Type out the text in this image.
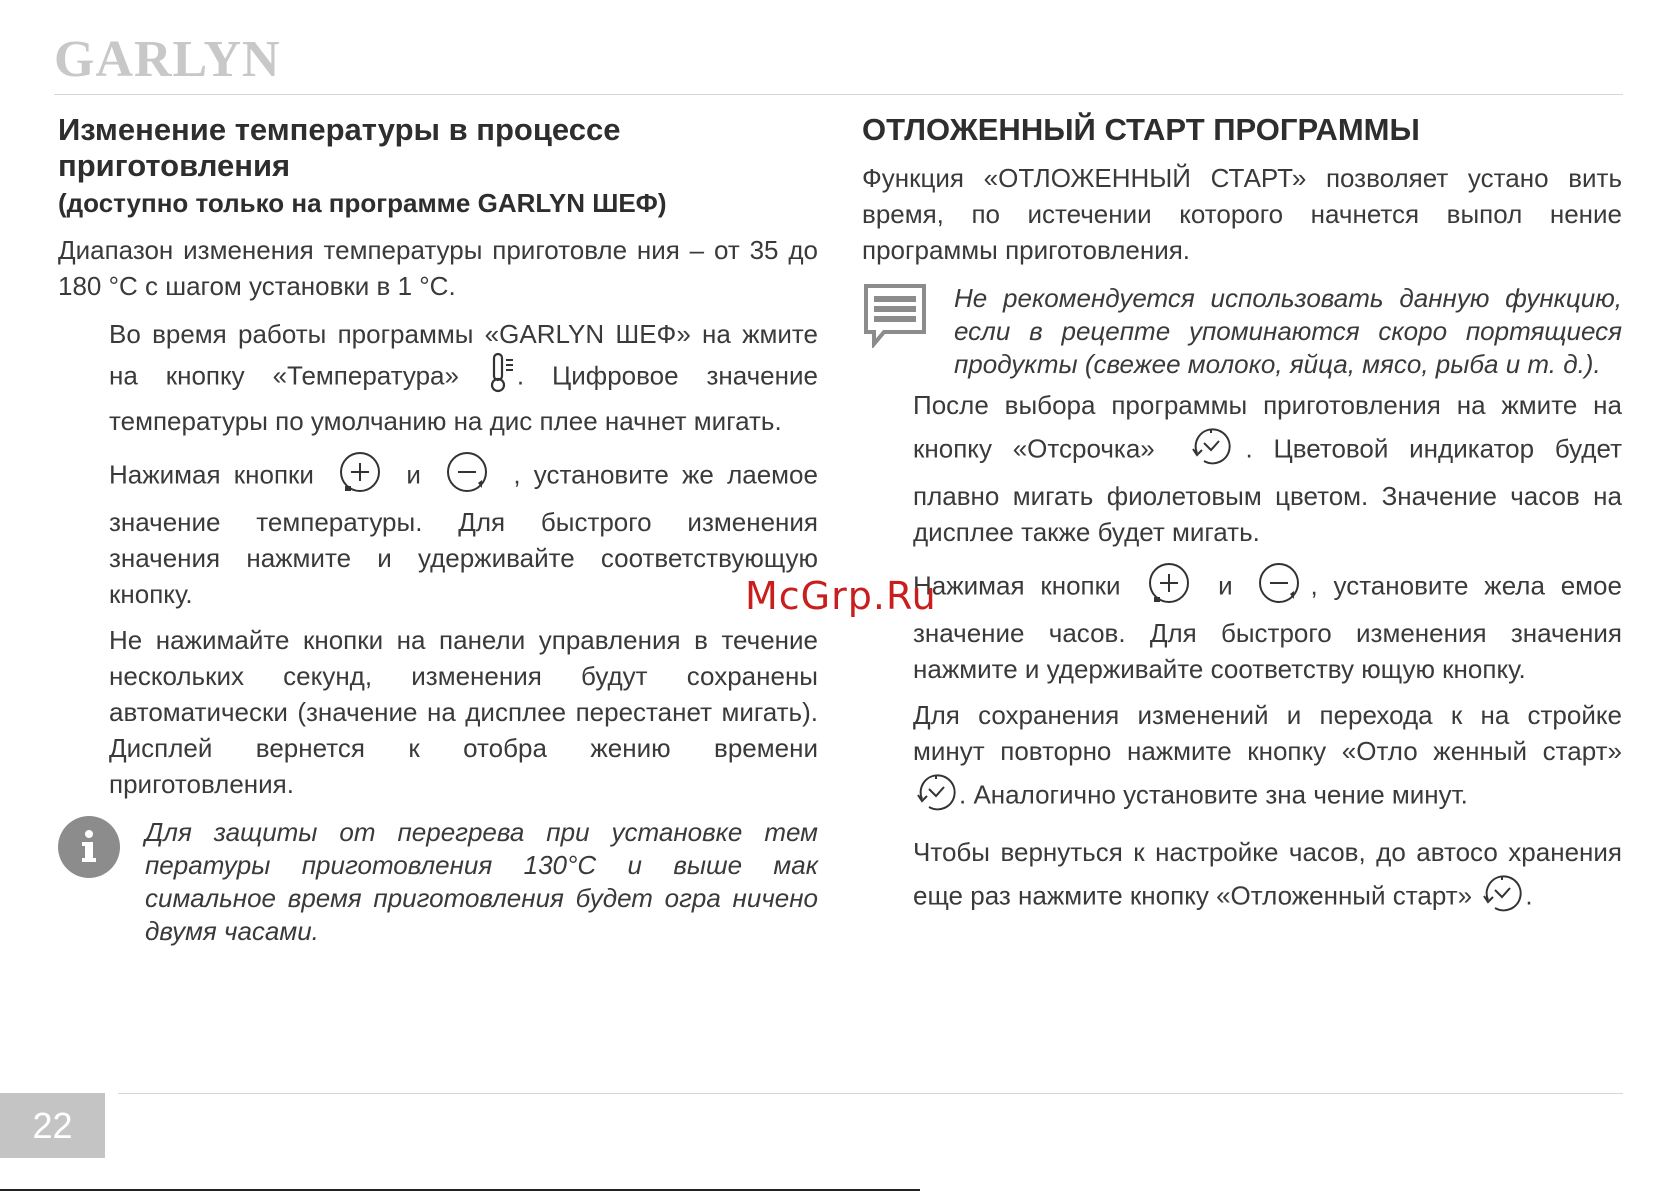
GARLYN
Изменение температуры в процессе приготовления
(доступно только на программе GARLYN ШЕФ)

Диапазон изменения температуры приготовле ния – от 35 до 180 °С с шагом установки в 1 °С.

Во время работы программы «GARLYN ШЕФ» на жмите на кнопку «Температура» . Цифровое значение температуры по умолчанию на дис плее начнет мигать.

Нажимая кнопки	и	, установите же лаемое значение температуры. Для быстрого изменения значения нажмите и удерживайте соответствующую кнопку.

Не нажимайте кнопки на панели управления в течение нескольких секунд, изменения будут сохранены автоматически (значение на дисплее перестанет мигать). Дисплей вернется к отобра жению времени приготовления.

Для защиты от перегрева при установке тем пературы приготовления 130°С и выше мак симальное время приготовления будет огра ничено двумя часами.

ОТЛОЖЕННЫЙ СТАРТ ПРОГРАММЫ

Функция «ОТЛОЖЕННЫЙ СТАРТ» позволяет устано вить время, по истечении которого начнется выпол нение программы приготовления.

Не рекомендуется использовать данную функцию, если в рецепте упоминаются скоро портящиеся продукты (свежее молоко, яйца, мясо, рыба и т. д.).

После выбора программы приготовления на жмите на кнопку «Отсрочка»	. Цветовой индикатор будет плавно мигать фиолетовым цветом. Значение часов на дисплее также будет мигать.

Нажимая кнопки	и	, установите жела емое значение часов. Для быстрого изменения значения нажмите и удерживайте соответству ющую кнопку.

Для сохранения изменений и перехода к на стройке минут повторно нажмите кнопку «Отло женный старт» . Аналогично установите зна чение минут.

Чтобы вернуться к настройке часов, до автосо хранения еще раз нажмите кнопку «Отложенный старт» .

McGrp.Ru
22
